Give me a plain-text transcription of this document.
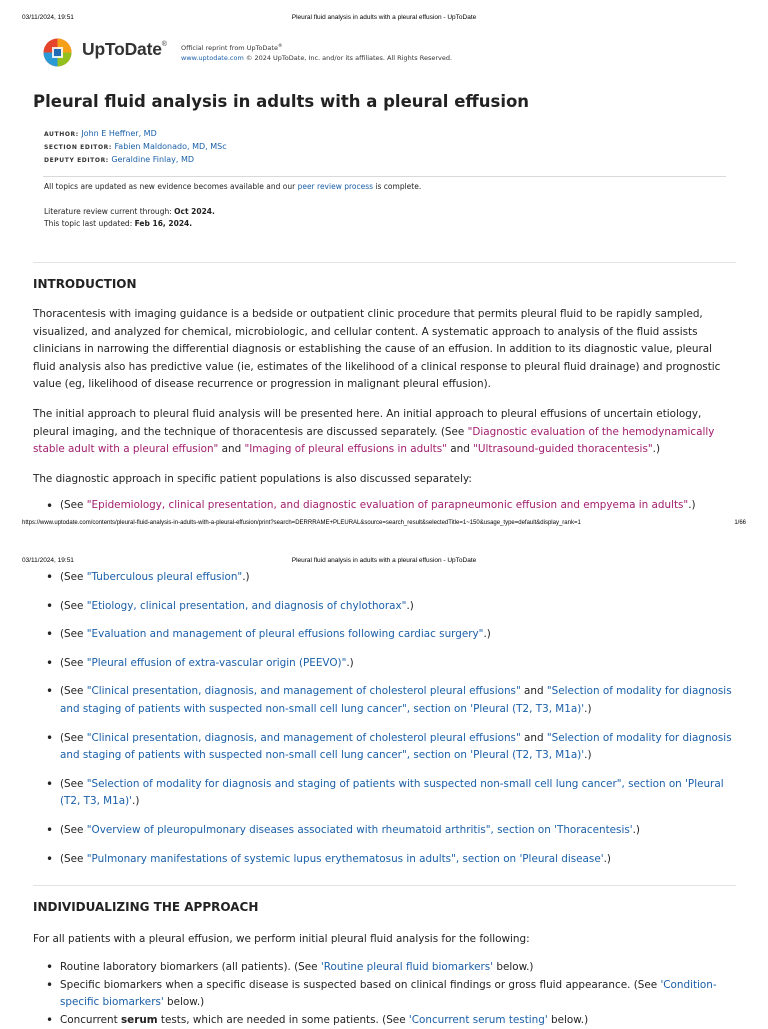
03/11/2024, 19:51	Pleural fluid analysis in adults with a pleural effusion - UpToDate
UpToDate® Official reprint from UpToDate®
www.uptodate.com © 2024 UpToDate, Inc. and/or its affiliates. All Rights Reserved.
Pleural fluid analysis in adults with a pleural effusion
AUTHOR: John E Heffner, MD
SECTION EDITOR: Fabien Maldonado, MD, MSc
DEPUTY EDITOR: Geraldine Finlay, MD
All topics are updated as new evidence becomes available and our peer review process is complete.
Literature review current through: Oct 2024.
This topic last updated: Feb 16, 2024.
INTRODUCTION

Thoracentesis with imaging guidance is a bedside or outpatient clinic procedure that permits pleural fluid to be rapidly sampled, visualized, and analyzed for chemical, microbiologic, and cellular content. A systematic approach to analysis of the fluid assists clinicians in narrowing the differential diagnosis or establishing the cause of an effusion. In addition to its diagnostic value, pleural fluid analysis also has predictive value (ie, estimates of the likelihood of a clinical response to pleural fluid drainage) and prognostic value (eg, likelihood of disease recurrence or progression in malignant pleural effusion).

The initial approach to pleural fluid analysis will be presented here. An initial approach to pleural effusions of uncertain etiology, pleural imaging, and the technique of thoracentesis are discussed separately. (See "Diagnostic evaluation of the hemodynamically stable adult with a pleural effusion" and "Imaging of pleural effusions in adults" and "Ultrasound-guided thoracentesis".)

The diagnostic approach in specific patient populations is also discussed separately:

• (See "Epidemiology, clinical presentation, and diagnostic evaluation of parapneumonic effusion and empyema in adults".)
https://www.uptodate.com/contents/pleural-fluid-analysis-in-adults-with-a-pleural-effusion/print?search=DERRRAME+PLEURAL&source=search_result&selectedTitle=1~150&usage_type=default&display_rank=1	1/66
03/11/2024, 19:51	Pleural fluid analysis in adults with a pleural effusion - UpToDate
• (See "Tuberculous pleural effusion".)
• (See "Etiology, clinical presentation, and diagnosis of chylothorax".)
• (See "Evaluation and management of pleural effusions following cardiac surgery".)
• (See "Pleural effusion of extra-vascular origin (PEEVO)".)
• (See "Clinical presentation, diagnosis, and management of cholesterol pleural effusions" and "Selection of modality for diagnosis and staging of patients with suspected non-small cell lung cancer", section on 'Pleural (T2, T3, M1a)'.)
• (See "Clinical presentation, diagnosis, and management of cholesterol pleural effusions" and "Selection of modality for diagnosis and staging of patients with suspected non-small cell lung cancer", section on 'Pleural (T2, T3, M1a)'.)
• (See "Selection of modality for diagnosis and staging of patients with suspected non-small cell lung cancer", section on 'Pleural (T2, T3, M1a)'.)
• (See "Overview of pleuropulmonary diseases associated with rheumatoid arthritis", section on 'Thoracentesis'.)
• (See "Pulmonary manifestations of systemic lupus erythematosus in adults", section on 'Pleural disease'.)
INDIVIDUALIZING THE APPROACH

For all patients with a pleural effusion, we perform initial pleural fluid analysis for the following:

• Routine laboratory biomarkers (all patients). (See 'Routine pleural fluid biomarkers' below.)
• Specific biomarkers when a specific disease is suspected based on clinical findings or gross fluid appearance. (See 'Condition-specific biomarkers' below.)
• Concurrent serum tests, which are needed in some patients. (See 'Concurrent serum testing' below.)
